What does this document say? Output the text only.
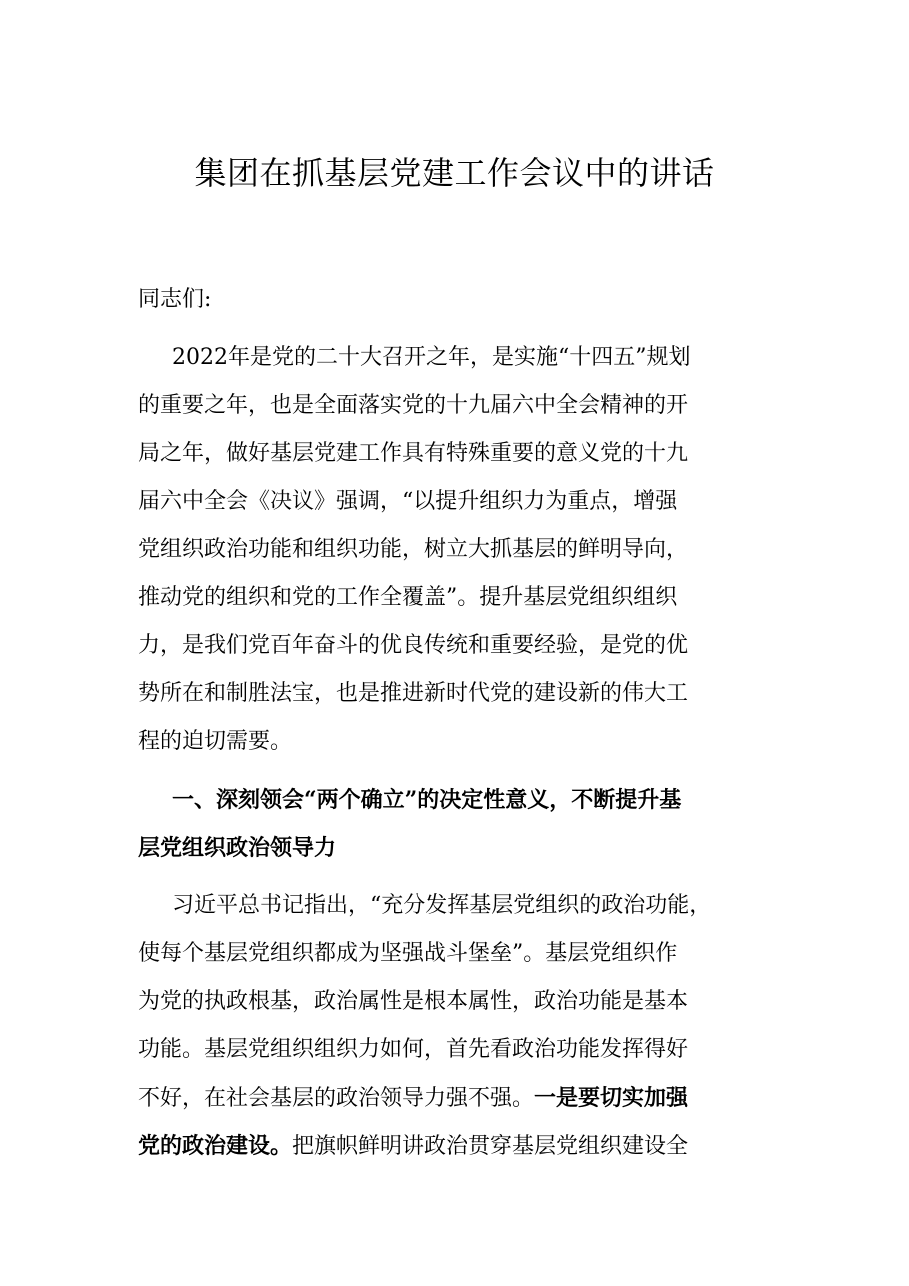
集团在抓基层党建工作会议中的讲话

同志们:

2022年是党的二十大召开之年，是实施“十四五”规划

的重要之年，也是全面落实党的十九届六中全会精神的开

局之年，做好基层党建工作具有特殊重要的意义党的十九

届六中全会《决议》强调，“以提升组织力为重点，增强

党组织政治功能和组织功能，树立大抓基层的鲜明导向，

推动党的组织和党的工作全覆盖”。提升基层党组织组织

力，是我们党百年奋斗的优良传统和重要经验，是党的优

势所在和制胜法宝，也是推进新时代党的建设新的伟大工

程的迫切需要。

一、深刻领会“两个确立”的决定性意义，不断提升基

层党组织政治领导力

习近平总书记指出，“充分发挥基层党组织的政治功能，

使每个基层党组织都成为坚强战斗堡垒”。基层党组织作

为党的执政根基，政治属性是根本属性，政治功能是基本

功能。基层党组织组织力如何，首先看政治功能发挥得好

不好，在社会基层的政治领导力强不强。一是要切实加强

党的政治建设。把旗帜鲜明讲政治贯穿基层党组织建设全
